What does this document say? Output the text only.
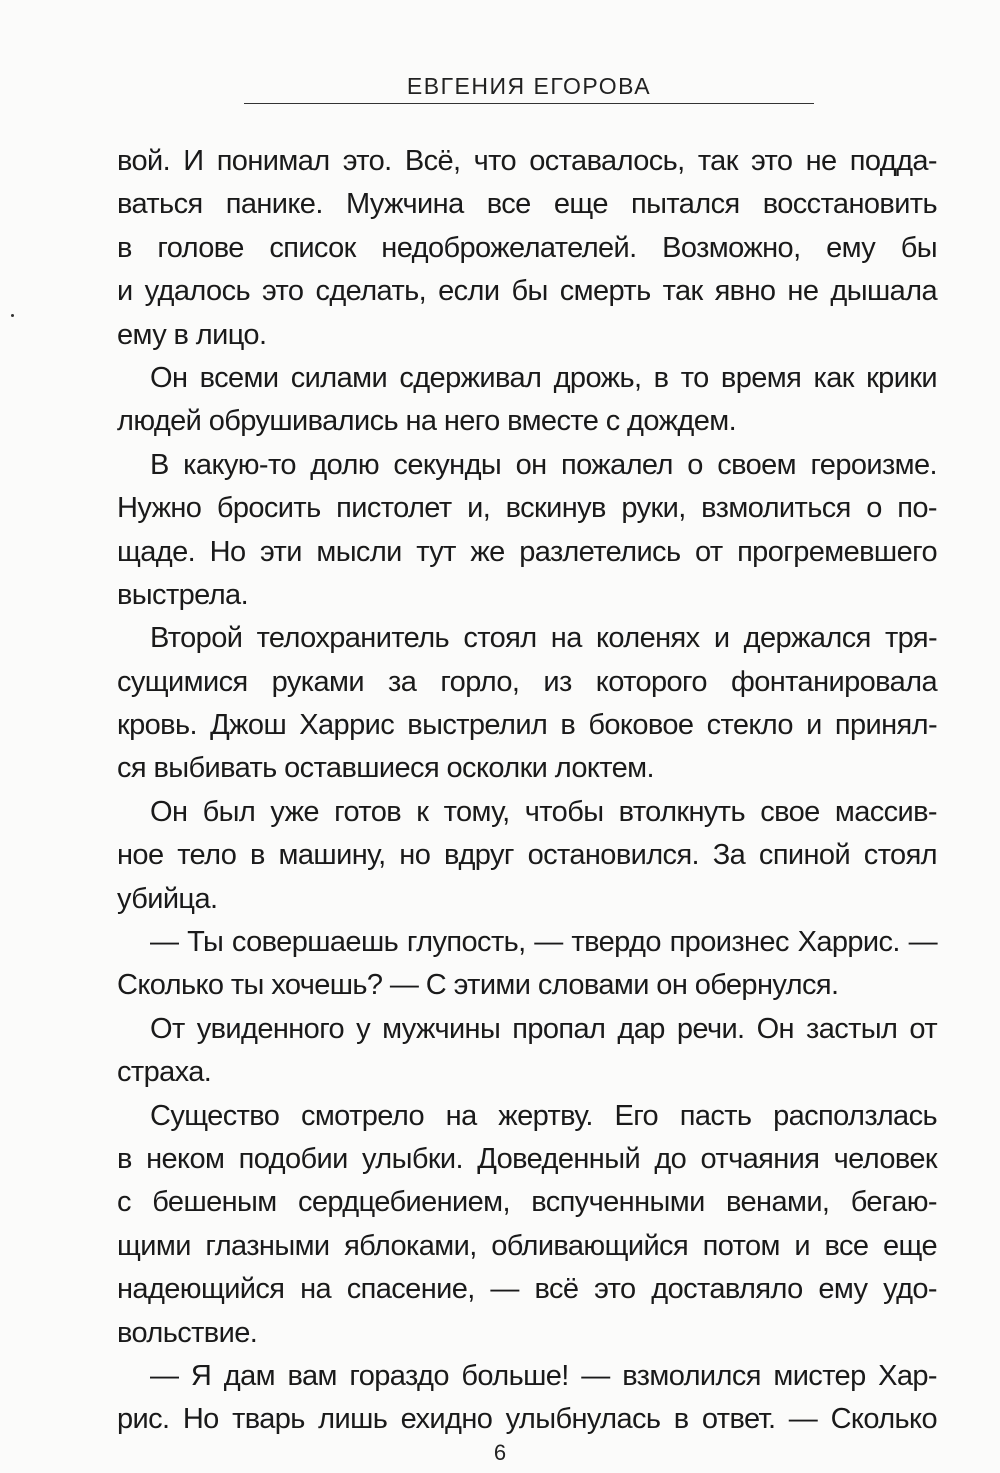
ЕВГЕНИЯ ЕГОРОВА
вой. И понимал это. Всё, что оставалось, так это не подда-
ваться панике. Мужчина все еще пытался восстановить
в голове список недоброжелателей. Возможно, ему бы
и удалось это сделать, если бы смерть так явно не дышала
ему в лицо.
Он всеми силами сдерживал дрожь, в то время как крики
людей обрушивались на него вместе с дождем.
В какую-то долю секунды он пожалел о своем героизме.
Нужно бросить пистолет и, вскинув руки, взмолиться о по-
щаде. Но эти мысли тут же разлетелись от прогремевшего
выстрела.
Второй телохранитель стоял на коленях и держался тря-
сущимися руками за горло, из которого фонтанировала
кровь. Джош Харрис выстрелил в боковое стекло и принял-
ся выбивать оставшиеся осколки локтем.
Он был уже готов к тому, чтобы втолкнуть свое массив-
ное тело в машину, но вдруг остановился. За спиной стоял
убийца.
— Ты совершаешь глупость, — твердо произнес Харрис. —
Сколько ты хочешь? — С этими словами он обернулся.
От увиденного у мужчины пропал дар речи. Он застыл от
страха.
Существо смотрело на жертву. Его пасть расползлась
в неком подобии улыбки. Доведенный до отчаяния человек
с бешеным сердцебиением, вспученными венами, бегаю-
щими глазными яблоками, обливающийся потом и все еще
надеющийся на спасение, — всё это доставляло ему удо-
вольствие.
— Я дам вам гораздо больше! — взмолился мистер Хар-
рис. Но тварь лишь ехидно улыбнулась в ответ. — Сколько
6
